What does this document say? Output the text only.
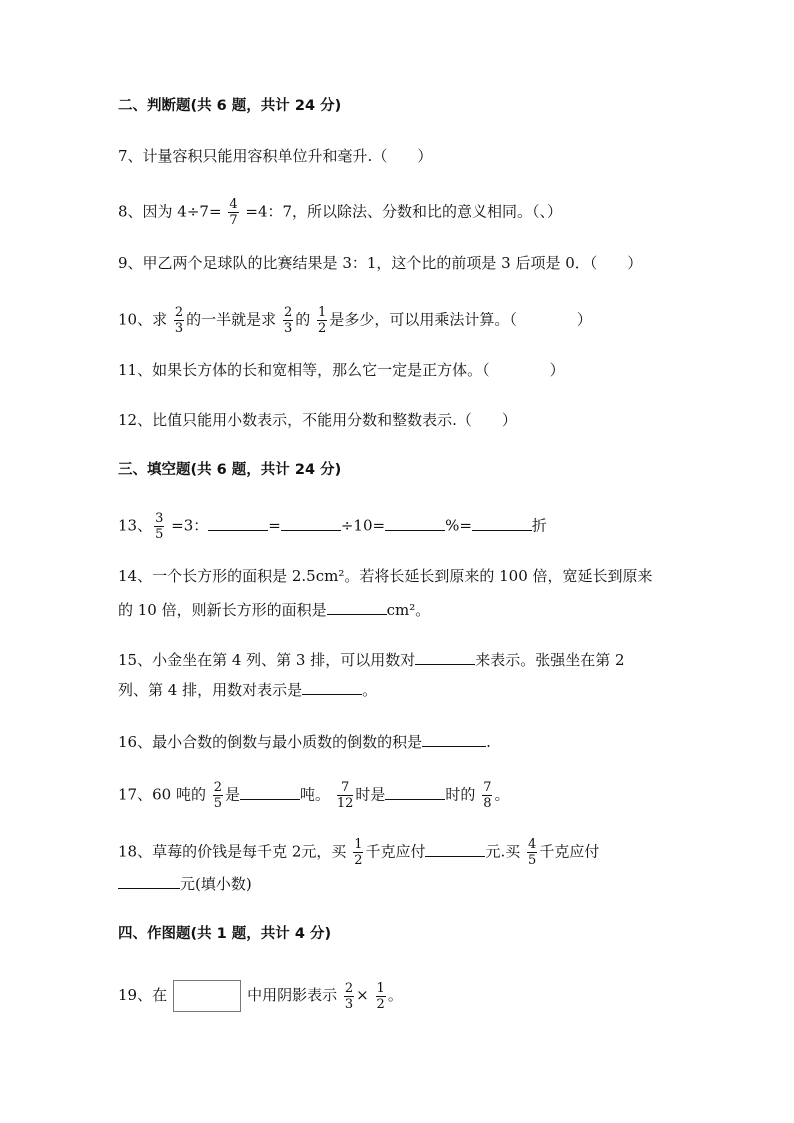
二、判断题(共 6 题，共计 24 分)
7、计量容积只能用容积单位升和毫升.（　　）
8、因为 $4\div 7= \frac{4}{7} =4$：7，所以除法、分数和比的意义相同。（、）
9、甲乙两个足球队的比赛结果是 3：1，这个比的前项是 3 后项是 0．（　　）
10、求 $\frac{2}{3}$ 的一半就是求 $\frac{2}{3}$ 的 $\frac{1}{2}$ 是多少，可以用乘法计算。（　　　　）
11、如果长方体的长和宽相等，那么它一定是正方体。（　　　　）
12、比值只能用小数表示，不能用分数和整数表示.（　　）
三、填空题(共 6 题，共计 24 分)
13、 $\frac{3}{5} =3$：	=	÷10=	%=	折
14、一个长方形的面积是 2.5cm²。若将长延长到原来的 100 倍，宽延长到原来
的 10 倍，则新长方形的面积是	cm²。
15、小金坐在第 4 列、第 3 排，可以用数对	来表示。张强坐在第 2
列、第 4 排，用数对表示是	。
16、最小合数的倒数与最小质数的倒数的积是	.
17、60 吨的 $\frac{2}{5}$ 是	吨。 $\frac{7}{12}$ 时是	时的 $\frac{7}{8}$ 。
18、草莓的价钱是每千克 2元，买 $\frac{1}{2}$ 千克应付	元.买 $\frac{4}{5}$ 千克应付
元(填小数)
四、作图题(共 1 题，共计 4 分)
19、在	中用阴影表示 $\frac{2}{3} \times \frac{1}{2}$ 。
